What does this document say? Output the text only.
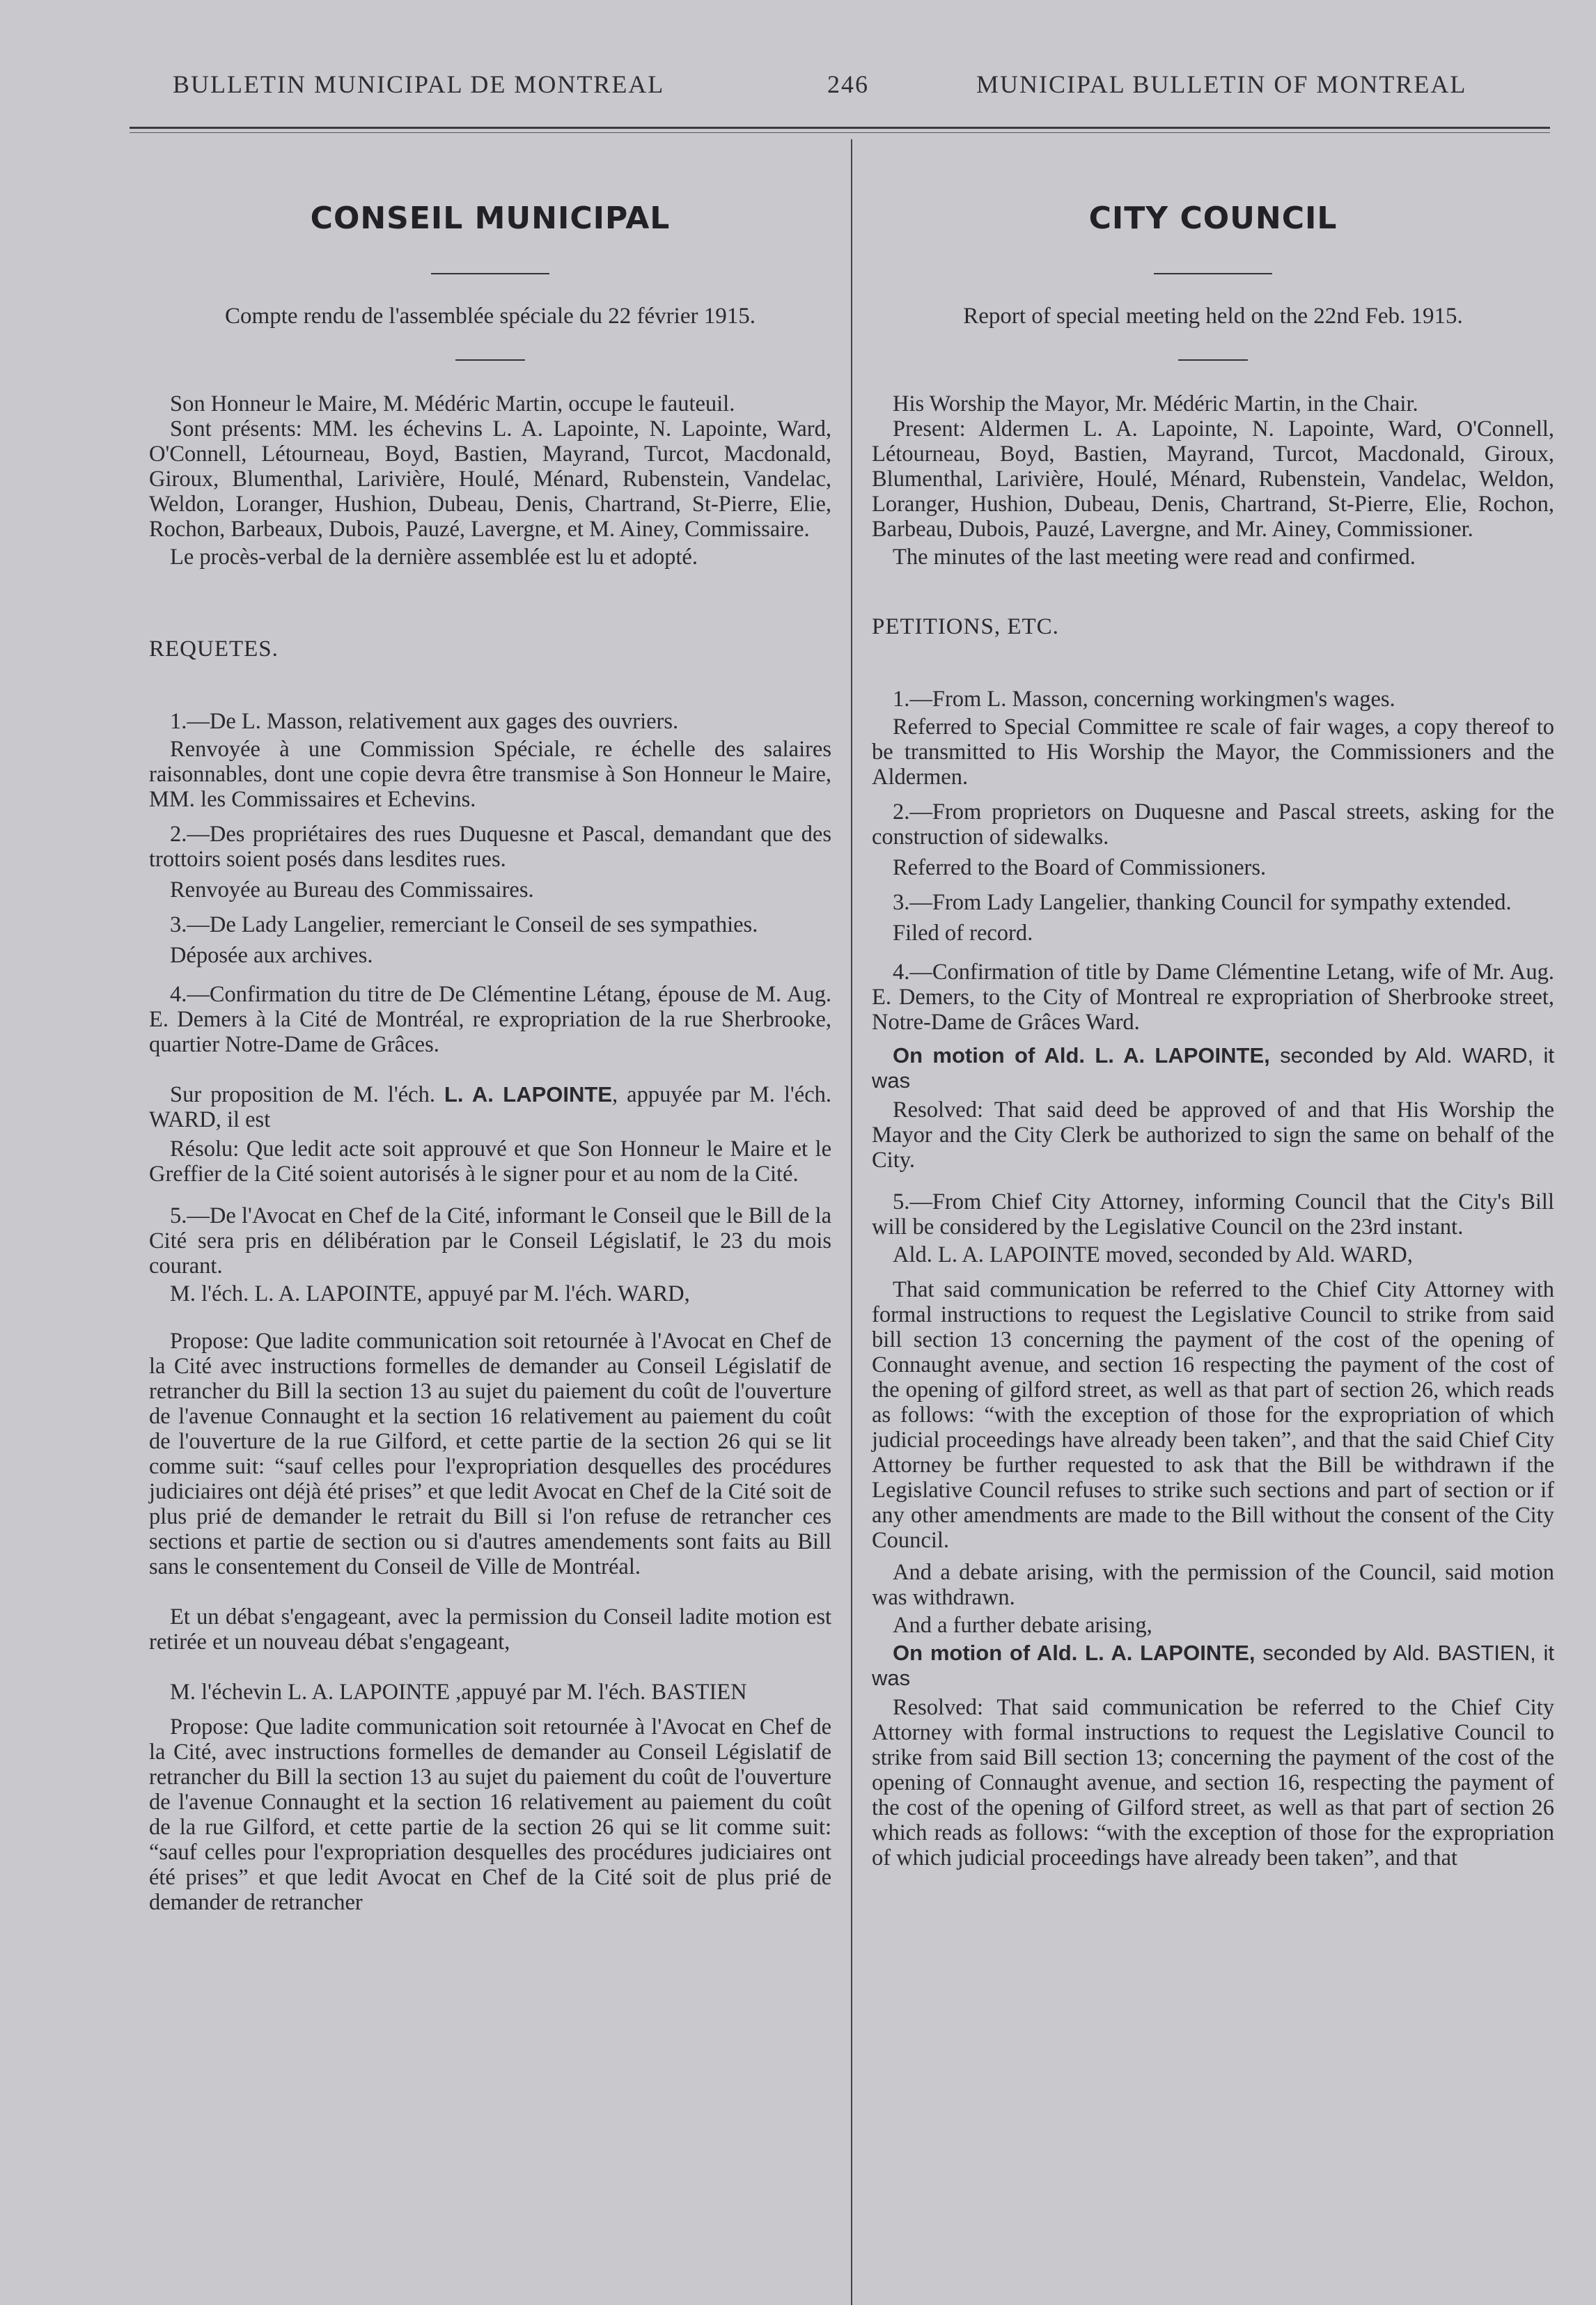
BULLETIN MUNICIPAL DE MONTREAL	246	MUNICIPAL BULLETIN OF MONTREAL
CONSEIL MUNICIPAL
Compte rendu de l'assemblée spéciale du 22 février 1915.

Son Honneur le Maire, M. Médéric Martin, occupe le fauteuil.

Sont présents: MM. les échevins L. A. Lapointe, N. Lapointe, Ward, O'Connell, Létourneau, Boyd, Bastien, Mayrand, Turcot, Macdonald, Giroux, Blumenthal, Larivière, Houlé, Ménard, Rubenstein, Vandelac, Weldon, Loranger, Hushion, Dubeau, Denis, Chartrand, St-Pierre, Elie, Rochon, Barbeaux, Dubois, Pauzé, Lavergne, et M. Ainey, Commissaire.

Le procès-verbal de la dernière assemblée est lu et adopté.

REQUETES.

1.—De L. Masson, relativement aux gages des ouvriers.

Renvoyée à une Commission Spéciale, re échelle des salaires raisonnables, dont une copie devra être transmise à Son Honneur le Maire, MM. les Commissaires et Echevins.

2.—Des propriétaires des rues Duquesne et Pascal, demandant que des trottoirs soient posés dans lesdites rues.

Renvoyée au Bureau des Commissaires.

3.—De Lady Langelier, remerciant le Conseil de ses sympathies.

Déposée aux archives.

4.—Confirmation du titre de De Clémentine Létang, épouse de M. Aug. E. Demers à la Cité de Montréal, re expropriation de la rue Sherbrooke, quartier Notre-Dame de Grâces.

Sur proposition de M. l'éch. L. A. LAPOINTE, appuyée par M. l'éch. WARD, il est

Résolu: Que ledit acte soit approuvé et que Son Honneur le Maire et le Greffier de la Cité soient autorisés à le signer pour et au nom de la Cité.

5.—De l'Avocat en Chef de la Cité, informant le Conseil que le Bill de la Cité sera pris en délibération par le Conseil Législatif, le 23 du mois courant.

M. l'éch. L. A. LAPOINTE, appuyé par M. l'éch. WARD,

Propose: Que ladite communication soit retournée à l'Avocat en Chef de la Cité avec instructions formelles de demander au Conseil Législatif de retrancher du Bill la section 13 au sujet du paiement du coût de l'ouverture de l'avenue Connaught et la section 16 relativement au paiement du coût de l'ouverture de la rue Gilford, et cette partie de la section 26 qui se lit comme suit: “sauf celles pour l'expropriation desquelles des procédures judiciaires ont déjà été prises” et que ledit Avocat en Chef de la Cité soit de plus prié de demander le retrait du Bill si l'on refuse de retrancher ces sections et partie de section ou si d'autres amendements sont faits au Bill sans le consentement du Conseil de Ville de Montréal.

Et un débat s'engageant, avec la permission du Conseil ladite motion est retirée et un nouveau débat s'engageant,

M. l'échevin L. A. LAPOINTE ,appuyé par M. l'éch. BASTIEN

Propose: Que ladite communication soit retournée à l'Avocat en Chef de la Cité, avec instructions formelles de demander au Conseil Législatif de retrancher du Bill la section 13 au sujet du paiement du coût de l'ouverture de l'avenue Connaught et la section 16 relativement au paiement du coût de la rue Gilford, et cette partie de la section 26 qui se lit comme suit: “sauf celles pour l'expropriation desquelles des procédures judiciaires ont été prises” et que ledit Avocat en Chef de la Cité soit de plus prié de demander de retrancher

CITY COUNCIL
Report of special meeting held on the 22nd Feb. 1915.

His Worship the Mayor, Mr. Médéric Martin, in the Chair.

Present: Aldermen L. A. Lapointe, N. Lapointe, Ward, O'Connell, Létourneau, Boyd, Bastien, Mayrand, Turcot, Macdonald, Giroux, Blumenthal, Larivière, Houlé, Ménard, Rubenstein, Vandelac, Weldon, Loranger, Hushion, Dubeau, Denis, Chartrand, St-Pierre, Elie, Rochon, Barbeau, Dubois, Pauzé, Lavergne, and Mr. Ainey, Commissioner.

The minutes of the last meeting were read and confirmed.

PETITIONS, ETC.

1.—From L. Masson, concerning workingmen's wages.

Referred to Special Committee re scale of fair wages, a copy thereof to be transmitted to His Worship the Mayor, the Commissioners and the Aldermen.

2.—From proprietors on Duquesne and Pascal streets, asking for the construction of sidewalks.

Referred to the Board of Commissioners.

3.—From Lady Langelier, thanking Council for sympathy extended.

Filed of record.

4.—Confirmation of title by Dame Clémentine Letang, wife of Mr. Aug. E. Demers, to the City of Montreal re expropriation of Sherbrooke street, Notre-Dame de Grâces Ward.

On motion of Ald. L. A. LAPOINTE, seconded by Ald. WARD, it was

Resolved: That said deed be approved of and that His Worship the Mayor and the City Clerk be authorized to sign the same on behalf of the City.

5.—From Chief City Attorney, informing Council that the City's Bill will be considered by the Legislative Council on the 23rd instant.

Ald. L. A. LAPOINTE moved, seconded by Ald. WARD,

That said communication be referred to the Chief City Attorney with formal instructions to request the Legislative Council to strike from said bill section 13 concerning the payment of the cost of the opening of Connaught avenue, and section 16 respecting the payment of the cost of the opening of gilford street, as well as that part of section 26, which reads as follows: “with the exception of those for the expropriation of which judicial proceedings have already been taken”, and that the said Chief City Attorney be further requested to ask that the Bill be withdrawn if the Legislative Council refuses to strike such sections and part of section or if any other amendments are made to the Bill without the consent of the City Council.

And a debate arising, with the permission of the Council, said motion was withdrawn.

And a further debate arising,

On motion of Ald. L. A. LAPOINTE, seconded by Ald. BASTIEN, it was

Resolved: That said communication be referred to the Chief City Attorney with formal instructions to request the Legislative Council to strike from said Bill section 13; concerning the payment of the cost of the opening of Connaught avenue, and section 16, respecting the payment of the cost of the opening of Gilford street, as well as that part of section 26 which reads as follows: “with the exception of those for the expropriation of which judicial proceedings have already been taken”, and that
